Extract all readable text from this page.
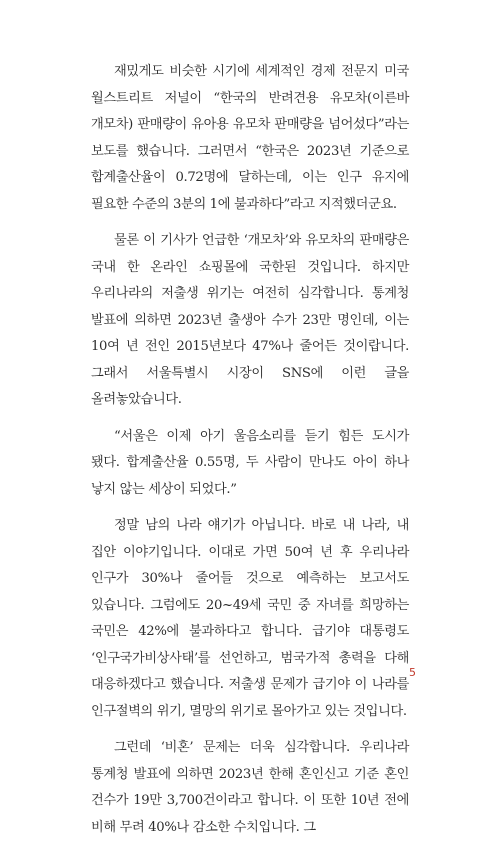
재밌게도 비슷한 시기에 세계적인 경제 전문지 미국 월스트리트 저널이 “한국의 반려견용 유모차(이른바 개모차) 판매량이 유아용 유모차 판매량을 넘어섰다”라는 보도를 했습니다. 그러면서 “한국은 2023년 기준으로 합계출산율이 0.72명에 달하는데, 이는 인구 유지에 필요한 수준의 3분의 1에 불과하다”라고 지적했더군요.

물론 이 기사가 언급한 ‘개모차’와 유모차의 판매량은 국내 한 온라인 쇼핑몰에 국한된 것입니다. 하지만 우리나라의 저출생 위기는 여전히 심각합니다. 통계청 발표에 의하면 2023년 출생아 수가 23만 명인데, 이는 10여 년 전인 2015년보다 47%나 줄어든 것이랍니다. 그래서 서울특별시 시장이 SNS에 이런 글을 올려놓았습니다.

“서울은 이제 아기 울음소리를 듣기 힘든 도시가 됐다. 합계출산율 0.55명, 두 사람이 만나도 아이 하나 낳지 않는 세상이 되었다.”

정말 남의 나라 얘기가 아닙니다. 바로 내 나라, 내 집안 이야기입니다. 이대로 가면 50여 년 후 우리나라 인구가 30%나 줄어들 것으로 예측하는 보고서도 있습니다. 그럼에도 20~49세 국민 중 자녀를 희망하는 국민은 42%에 불과하다고 합니다. 급기야 대통령도 ‘인구국가비상사태’를 선언하고, 범국가적 총력을 다해 대응하겠다고 했습니다. 저출생 문제가 급기야 이 나라를 인구절벽의 위기, 멸망의 위기로 몰아가고 있는 것입니다.

그런데 ‘비혼’ 문제는 더욱 심각합니다. 우리나라 통계청 발표에 의하면 2023년 한해 혼인신고 기준 혼인 건수가 19만 3,700건이라고 합니다. 이 또한 10년 전에 비해 무려 40%나 감소한 수치입니다. 그

5
